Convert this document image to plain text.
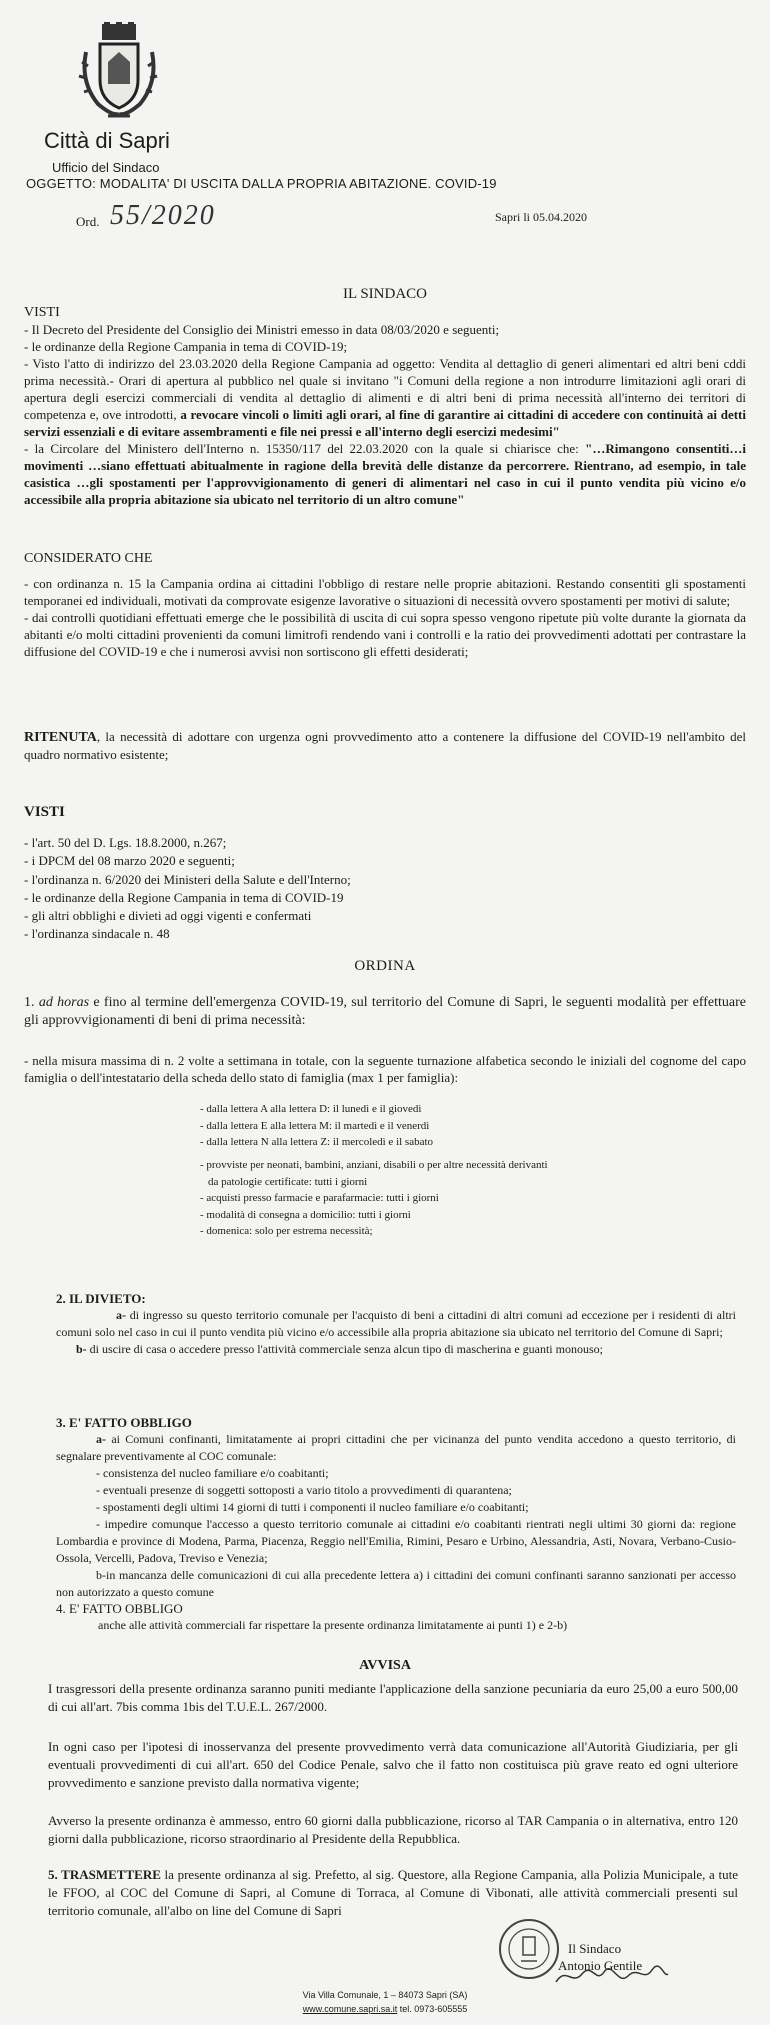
Città di Sapri
Ufficio del Sindaco
OGGETTO: MODALITA' DI USCITA DALLA PROPRIA ABITAZIONE. COVID-19
Ord. 55/2020	Sapri li 05.04.2020
IL SINDACO

VISTI

- Il Decreto del Presidente del Consiglio dei Ministri emesso in data 08/03/2020 e seguenti;

- le ordinanze della Regione Campania in tema di COVID-19;

- Visto l'atto di indirizzo del 23.03.2020 della Regione Campania ad oggetto: Vendita al dettaglio di generi alimentari ed altri beni cddi prima necessità.- Orari di apertura al pubblico nel quale si invitano "i Comuni della regione a non introdurre limitazioni agli orari di apertura degli esercizi commerciali di vendita al dettaglio di alimenti e di altri beni di prima necessità all'interno dei territori di competenza e, ove introdotti, a revocare vincoli o limiti agli orari, al fine di garantire ai cittadini di accedere con continuità ai detti servizi essenziali e di evitare assembramenti e file nei pressi e all'interno degli esercizi medesimi"

- la Circolare del Ministero dell'Interno n. 15350/117 del 22.03.2020 con la quale si chiarisce che: "…Rimangono consentiti…i movimenti …siano effettuati abitualmente in ragione della brevità delle distanze da percorrere. Rientrano, ad esempio, in tale casistica …gli spostamenti per l'approvvigionamento di generi di alimentari nel caso in cui il punto vendita più vicino e/o accessibile alla propria abitazione sia ubicato nel territorio di un altro comune"

CONSIDERATO CHE

- con ordinanza n. 15 la Campania ordina ai cittadini l'obbligo di restare nelle proprie abitazioni. Restando consentiti gli spostamenti temporanei ed individuali, motivati da comprovate esigenze lavorative o situazioni di necessità ovvero spostamenti per motivi di salute;

- dai controlli quotidiani effettuati emerge che le possibilità di uscita di cui sopra spesso vengono ripetute più volte durante la giornata da abitanti e/o molti cittadini provenienti da comuni limitrofi rendendo vani i controlli e la ratio dei provvedimenti adottati per contrastare la diffusione del COVID-19 e che i numerosi avvisi non sortiscono gli effetti desiderati;

RITENUTA, la necessità di adottare con urgenza ogni provvedimento atto a contenere la diffusione del COVID-19 nell'ambito del quadro normativo esistente;

VISTI
- l'art. 50 del D. Lgs. 18.8.2000, n.267;
- i DPCM del 08 marzo 2020 e seguenti;
- l'ordinanza n. 6/2020 dei Ministeri della Salute e dell'Interno;
- le ordinanze della Regione Campania in tema di COVID-19
- gli altri obblighi e divieti ad oggi vigenti e confermati
- l'ordinanza sindacale n. 48
ORDINA

1. ad horas e fino al termine dell'emergenza COVID-19, sul territorio del Comune di Sapri, le seguenti modalità per effettuare gli approvvigionamenti di beni di prima necessità:

- nella misura massima di n. 2 volte a settimana in totale, con la seguente turnazione alfabetica secondo le iniziali del cognome del capo famiglia o dell'intestatario della scheda dello stato di famiglia (max 1 per famiglia):

- dalla lettera A alla lettera D: il lunedì e il giovedì
- dalla lettera E alla lettera M: il martedì e il venerdì
- dalla lettera N alla lettera Z: il mercoledì e il sabato
- provviste per neonati, bambini, anziani, disabili o per altre necessità derivanti
da patologie certificate: tutti i giorni
- acquisti presso farmacie e parafarmacie: tutti i giorni
- modalità di consegna a domicilio: tutti i giorni
- domenica: solo per estrema necessità;

2. IL DIVIETO:

a- di ingresso su questo territorio comunale per l'acquisto di beni a cittadini di altri comuni ad eccezione per i residenti di altri comuni solo nel caso in cui il punto vendita più vicino e/o accessibile alla propria abitazione sia ubicato nel territorio del Comune di Sapri;

b- di uscire di casa o accedere presso l'attività commerciale senza alcun tipo di mascherina e guanti monouso;

3. E' FATTO OBBLIGO

a- ai Comuni confinanti, limitatamente ai propri cittadini che per vicinanza del punto vendita accedono a questo territorio, di segnalare preventivamente al COC comunale:

- consistenza del nucleo familiare e/o coabitanti;

- eventuali presenze di soggetti sottoposti a vario titolo a provvedimenti di quarantena;

- spostamenti degli ultimi 14 giorni di tutti i componenti il nucleo familiare e/o coabitanti;

- impedire comunque l'accesso a questo territorio comunale ai cittadini e/o coabitanti rientrati negli ultimi 30 giorni da: regione Lombardia e province di Modena, Parma, Piacenza, Reggio nell'Emilia, Rimini, Pesaro e Urbino, Alessandria, Asti, Novara, Verbano-Cusio-Ossola, Vercelli, Padova, Treviso e Venezia;

b-in mancanza delle comunicazioni di cui alla precedente lettera a) i cittadini dei comuni confinanti saranno sanzionati per accesso non autorizzato a questo comune

4. E' FATTO OBBLIGO

anche alle attività commerciali far rispettare la presente ordinanza limitatamente ai punti 1) e 2-b)

AVVISA
I trasgressori della presente ordinanza saranno puniti mediante l'applicazione della sanzione pecuniaria da euro 25,00 a euro 500,00 di cui all'art. 7bis comma 1bis del T.U.E.L. 267/2000.
In ogni caso per l'ipotesi di inosservanza del presente provvedimento verrà data comunicazione all'Autorità Giudiziaria, per gli eventuali provvedimenti di cui all'art. 650 del Codice Penale, salvo che il fatto non costituisca più grave reato ed ogni ulteriore provvedimento e sanzione previsto dalla normativa vigente;
Avverso la presente ordinanza è ammesso, entro 60 giorni dalla pubblicazione, ricorso al TAR Campania o in alternativa, entro 120 giorni dalla pubblicazione, ricorso straordinario al Presidente della Repubblica.
5. TRASMETTERE la presente ordinanza al sig. Prefetto, al sig. Questore, alla Regione Campania, alla Polizia Municipale, a tute le FFOO, al COC del Comune di Sapri, al Comune di Torraca, al Comune di Vibonati, alle attività commerciali presenti sul territorio comunale, all'albo on line del Comune di Sapri
Il Sindaco
Antonio Gentile
Via Villa Comunale, 1 – 84073 Sapri (SA)
www.comune.sapri.sa.it tel. 0973-605555
